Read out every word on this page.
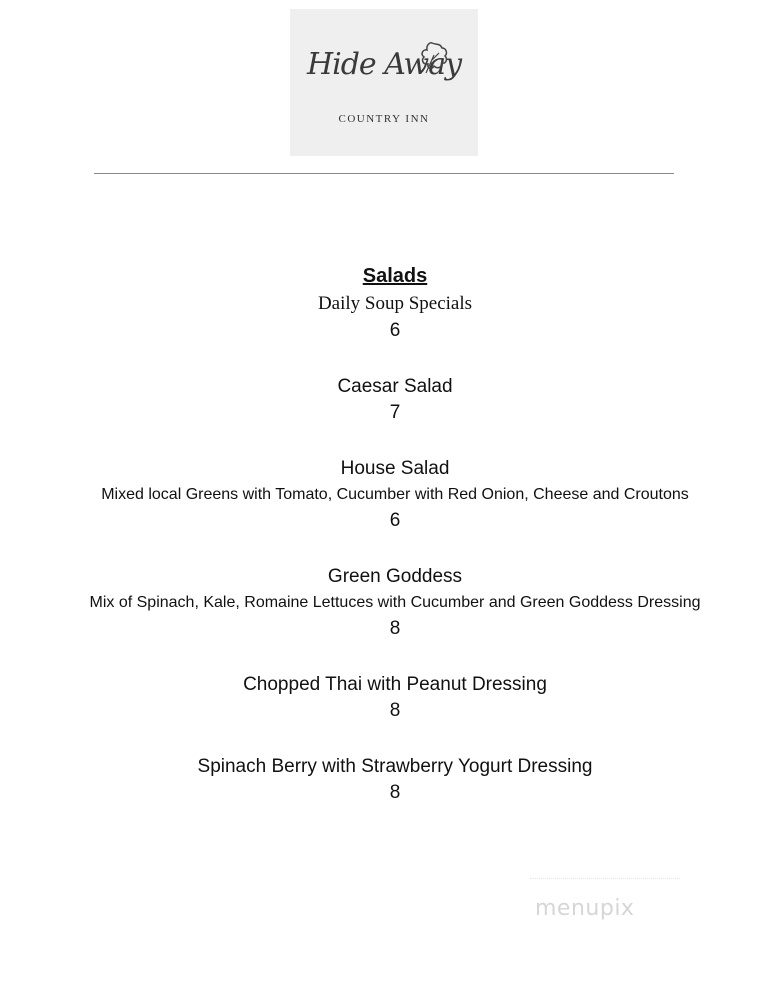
Hide Away
COUNTRY INN
Salads
Daily Soup Specials
6
Caesar Salad
7
House Salad
Mixed local Greens with Tomato, Cucumber with Red Onion, Cheese and Croutons
6
Green Goddess
Mix of Spinach, Kale, Romaine Lettuces with Cucumber and Green Goddess Dressing
8
Chopped Thai with Peanut Dressing
8
Spinach Berry with Strawberry Yogurt Dressing
8
menupix
